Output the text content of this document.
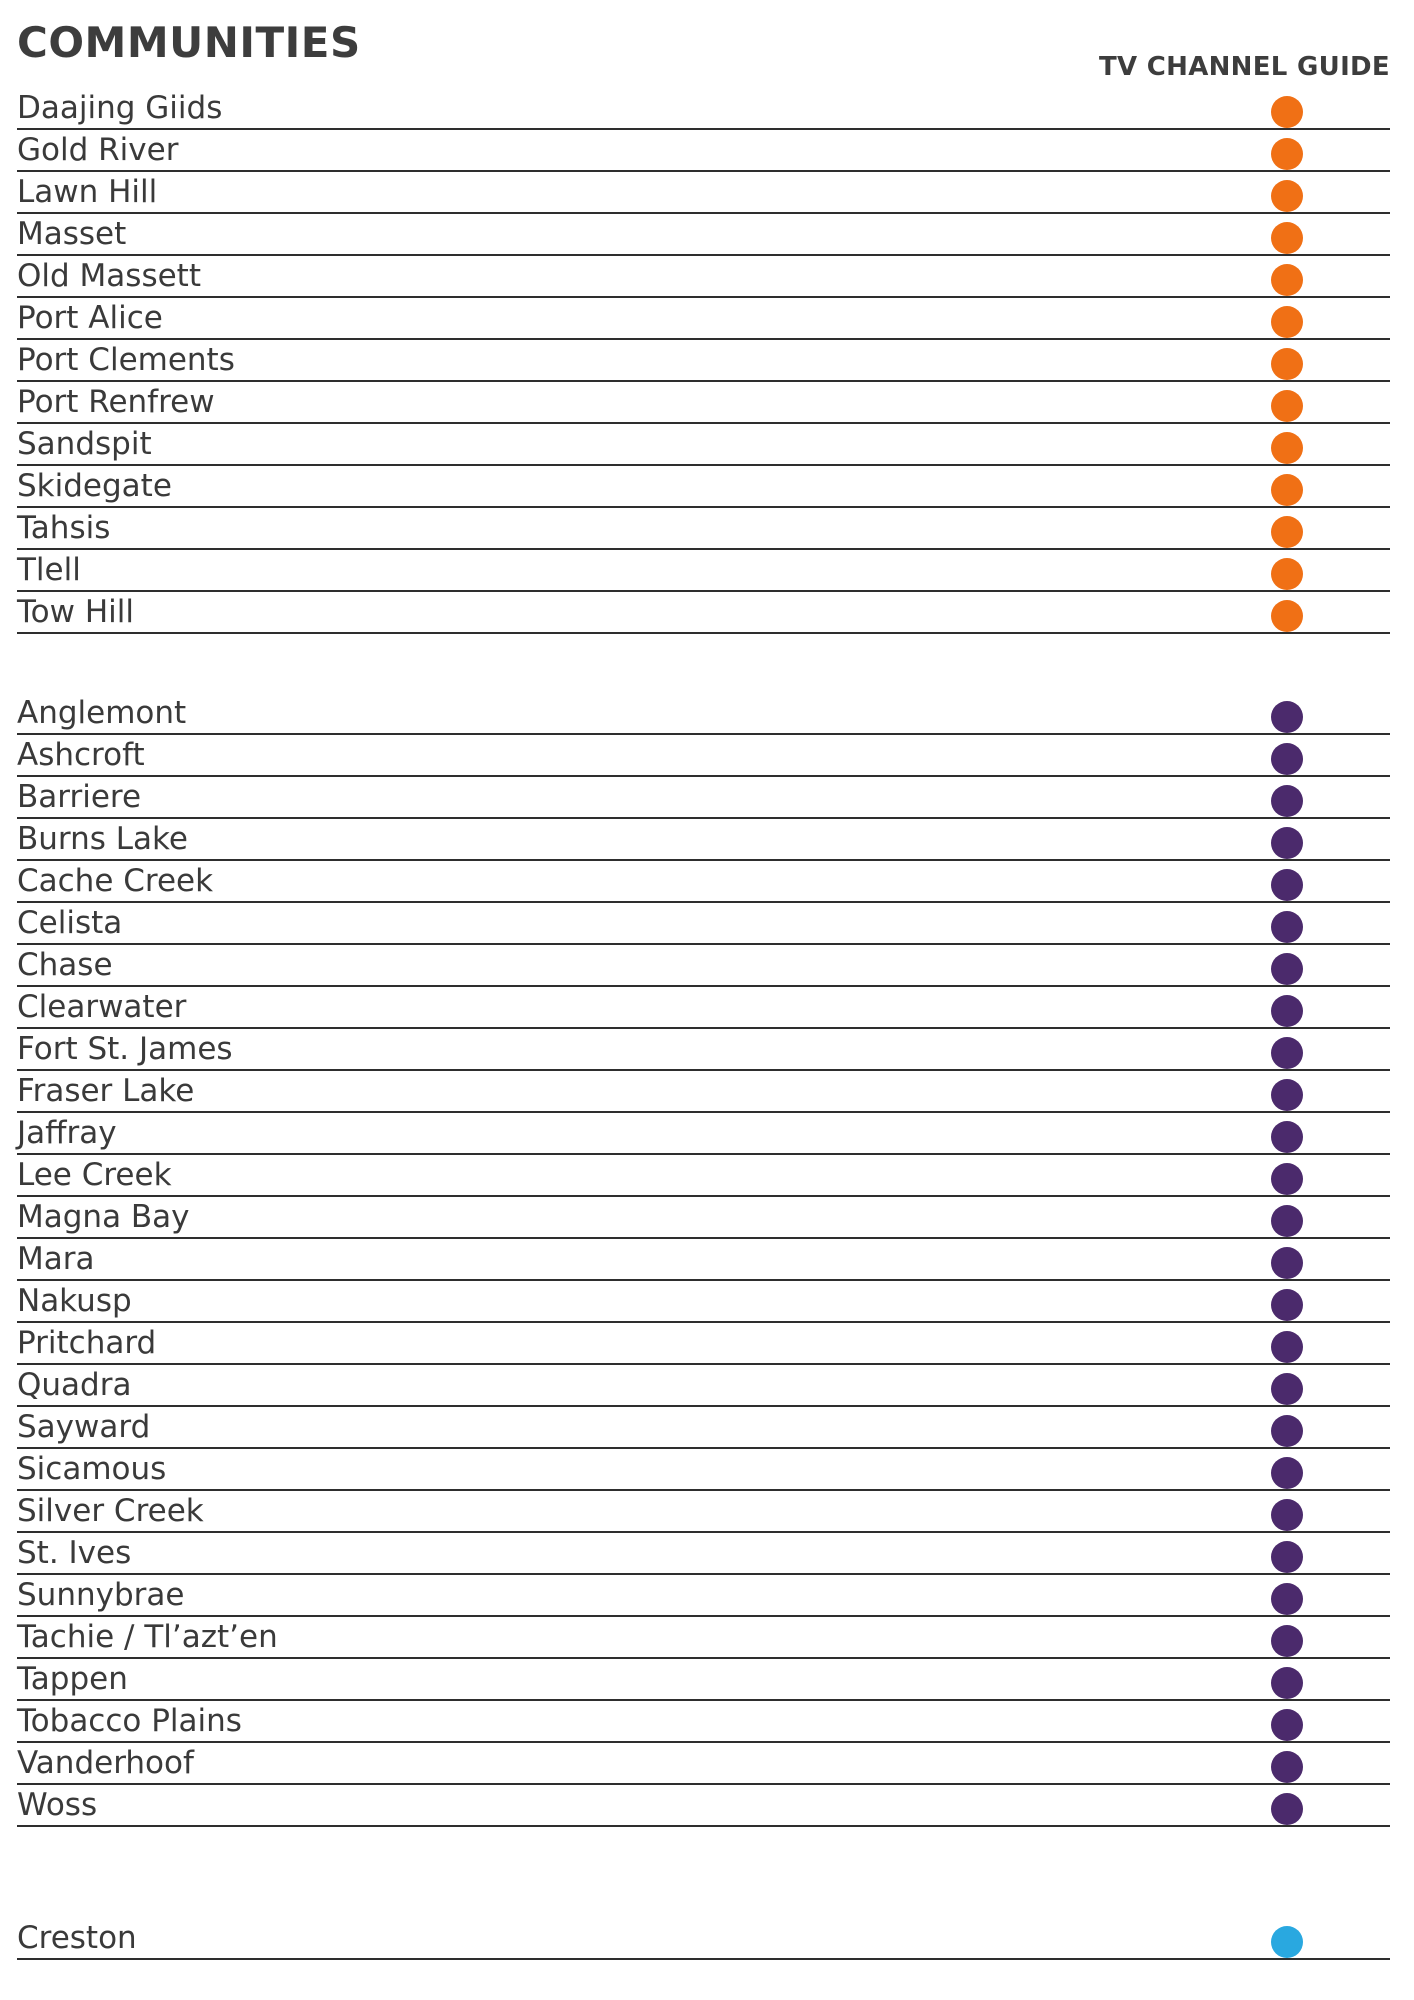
COMMUNITIES	TV CHANNEL GUIDE
Daajing Giids
Gold River
Lawn Hill
Masset
Old Massett
Port Alice
Port Clements
Port Renfrew
Sandspit
Skidegate
Tahsis
Tlell
Tow Hill
Anglemont
Ashcroft
Barriere
Burns Lake
Cache Creek
Celista
Chase
Clearwater
Fort St. James
Fraser Lake
Jaffray
Lee Creek
Magna Bay
Mara
Nakusp
Pritchard
Quadra
Sayward
Sicamous
Silver Creek
St. Ives
Sunnybrae
Tachie / Tl’azt’en
Tappen
Tobacco Plains
Vanderhoof
Woss
Creston
